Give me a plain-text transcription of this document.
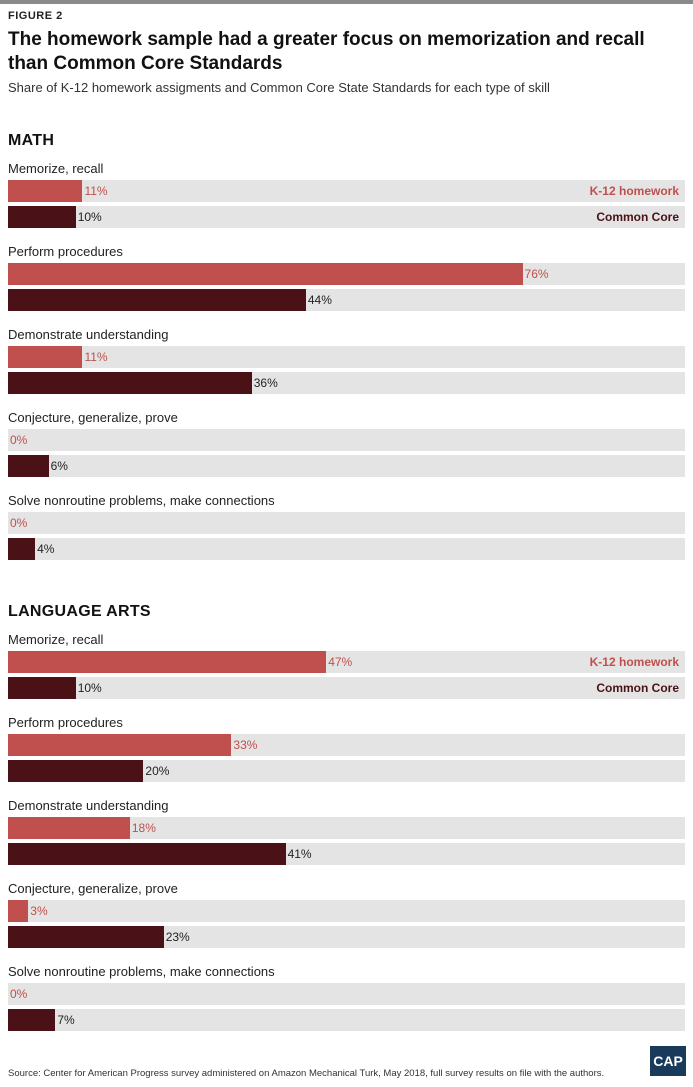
FIGURE 2
The homework sample had a greater focus on memorization and recall than Common Core Standards
Share of K-12 homework assigments and Common Core State Standards for each type of skill
MATH
Memorize, recall
11%	K-12 homework
10%	Common Core
Perform procedures
76%
44%
Demonstrate understanding
11%
36%
Conjecture, generalize, prove
0%
6%
Solve nonroutine problems, make connections
0%
4%
LANGUAGE ARTS
Memorize, recall
47%	K-12 homework
10%	Common Core
Perform procedures
33%
20%
Demonstrate understanding
18%
41%
Conjecture, generalize, prove
3%
23%
Solve nonroutine problems, make connections
0%
7%
Source: Center for American Progress survey administered on Amazon Mechanical Turk, May 2018, full survey results on file with the authors.
CAP
